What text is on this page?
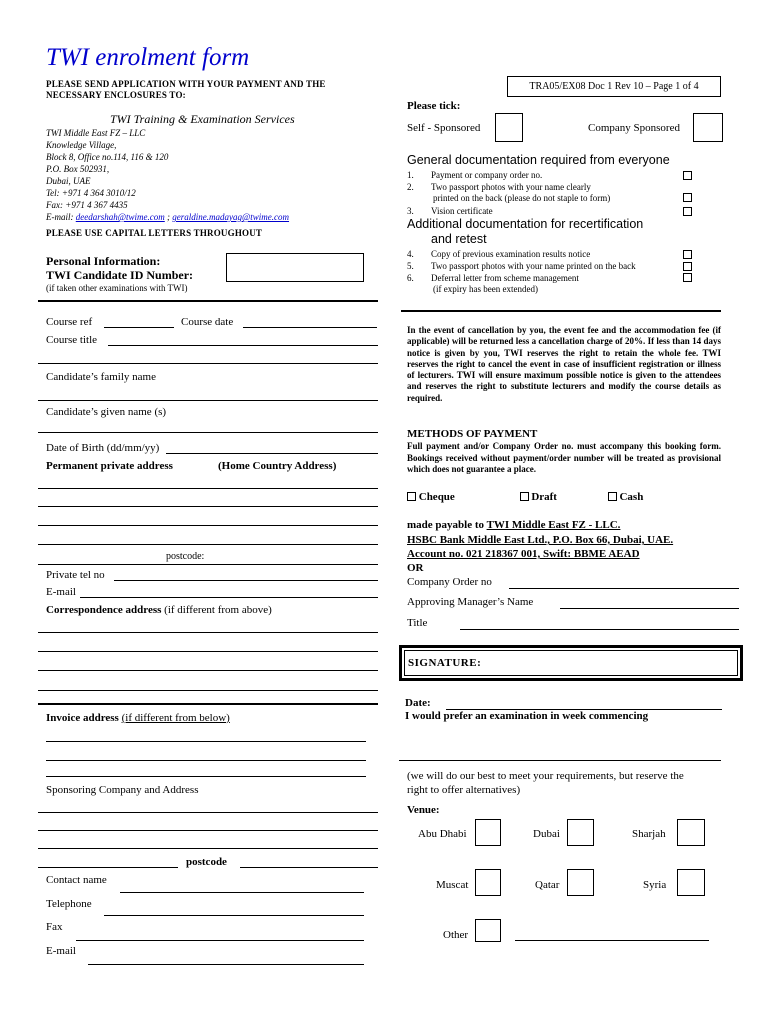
TWI enrolment form
TRA05/EX08 Doc 1 Rev 10 – Page 1 of 4
PLEASE SEND APPLICATION WITH YOUR PAYMENT AND THE
NECESSARY ENCLOSURES TO:
TWI Training & Examination Services
TWI Middle East FZ – LLC
Knowledge Village,
Block 8, Office no.114, 116 & 120
P.O. Box 502931,
Dubai, UAE
Tel: +971 4 364 3010/12
Fax: +971 4 367 4435
E-mail: deedarshah@twime.com ; geraldine.madayag@twime.com
PLEASE USE CAPITAL LETTERS THROUGHOUT
Personal Information:
TWI Candidate ID Number:
(if taken other examinations with TWI)
Course ref	Course date
Course title
Candidate’s family name
Candidate’s given name (s)
Date of Birth (dd/mm/yy)
Permanent private address	(Home Country Address)
postcode:
Private tel no
E-mail
Correspondence address (if different from above)
Invoice address (if different from below)
Sponsoring Company and Address
postcode
Contact name
Telephone
Fax
E-mail
Please tick:
Self - Sponsored	Company Sponsored
General documentation required from everyone
1. Payment or company order no.
2. Two passport photos with your name clearly
printed on the back (please do not staple to form)
3. Vision certificate
Additional documentation for recertification
and retest
4. Copy of previous examination results notice
5. Two passport photos with your name printed on the back
6. Deferral letter from scheme management
(if expiry has been extended)
In the event of cancellation by you, the event fee and the accommodation fee (if applicable) will be returned less a cancellation charge of 20%. If less than 14 days notice is given by you, TWI reserves the right to retain the whole fee. TWI reserves the right to cancel the event in case of insufficient registration or illness of lecturers. TWI will ensure maximum possible notice is given to the attendees and reserves the right to substitute lecturers and modify the course details as required.
METHODS OF PAYMENT
Full payment and/or Company Order no. must accompany this booking form. Bookings received without payment/order number will be treated as provisional which does not guarantee a place.
Cheque	Draft	Cash
made payable to TWI Middle East FZ - LLC.
HSBC Bank Middle East Ltd., P.O. Box 66, Dubai, UAE.
Account no. 021 218367 001, Swift: BBME AEAD
OR
Company Order no
Approving Manager’s Name
Title
SIGNATURE:
Date:
I would prefer an examination in week commencing
(we will do our best to meet your requirements, but reserve the
right to offer alternatives)
Venue:
Abu Dhabi	Dubai	Sharjah
Muscat	Qatar	Syria
Other
